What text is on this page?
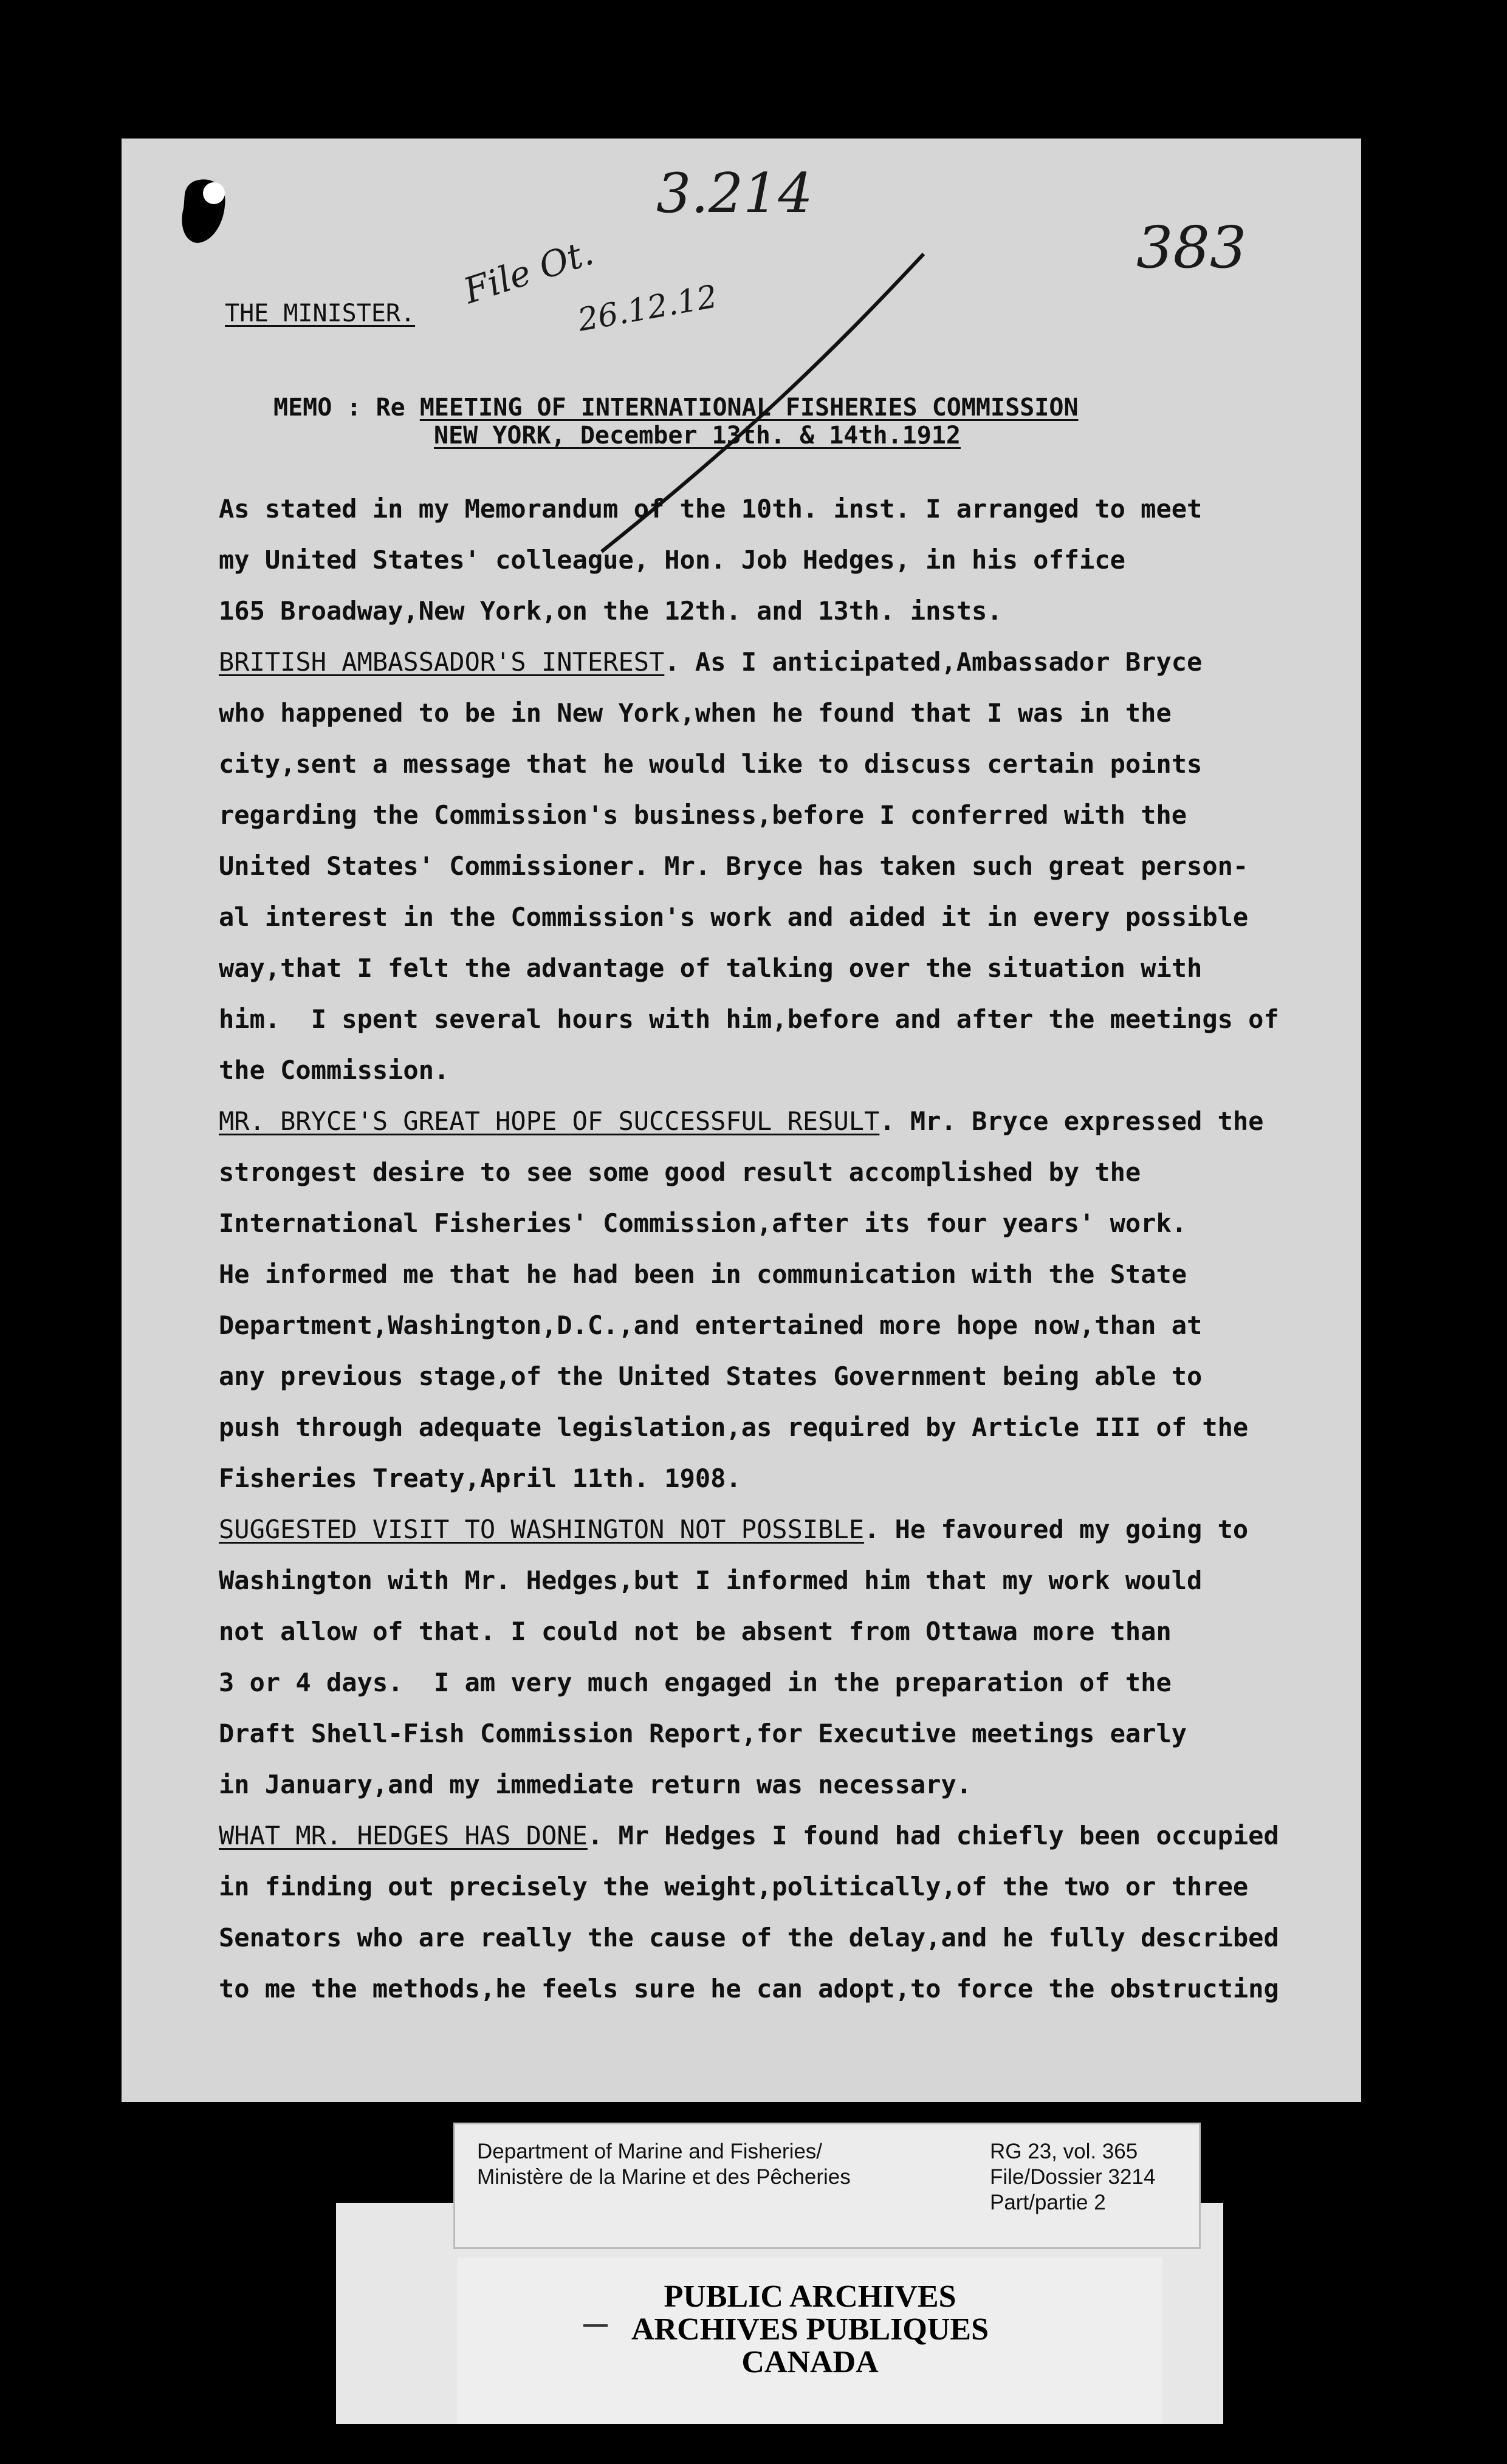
3.214
383
File Ot.
26.12.12
THE MINISTER.
MEMO : Re MEETING OF INTERNATIONAL FISHERIES COMMISSION
NEW YORK, December 13th. & 14th.1912
As stated in my Memorandum of the 10th. inst. I arranged to meet
my United States' colleague, Hon. Job Hedges, in his office
165 Broadway,New York,on the 12th. and 13th. insts.
BRITISH AMBASSADOR'S INTEREST. As I anticipated,Ambassador Bryce
who happened to be in New York,when he found that I was in the
city,sent a message that he would like to discuss certain points
regarding the Commission's business,before I conferred with the
United States' Commissioner. Mr. Bryce has taken such great person-
al interest in the Commission's work and aided it in every possible
way,that I felt the advantage of talking over the situation with
him.  I spent several hours with him,before and after the meetings of
the Commission.
MR. BRYCE'S GREAT HOPE OF SUCCESSFUL RESULT. Mr. Bryce expressed the
strongest desire to see some good result accomplished by the
International Fisheries' Commission,after its four years' work.
He informed me that he had been in communication with the State
Department,Washington,D.C.,and entertained more hope now,than at
any previous stage,of the United States Government being able to
push through adequate legislation,as required by Article III of the
Fisheries Treaty,April 11th. 1908.
SUGGESTED VISIT TO WASHINGTON NOT POSSIBLE. He favoured my going to
Washington with Mr. Hedges,but I informed him that my work would
not allow of that. I could not be absent from Ottawa more than
3 or 4 days.  I am very much engaged in the preparation of the
Draft Shell-Fish Commission Report,for Executive meetings early
in January,and my immediate return was necessary.
WHAT MR. HEDGES HAS DONE. Mr Hedges I found had chiefly been occupied
in finding out precisely the weight,politically,of the two or three
Senators who are really the cause of the delay,and he fully described
to me the methods,he feels sure he can adopt,to force the obstructing
PUBLIC ARCHIVES
ARCHIVES PUBLIQUES
CANADA
Department of Marine and Fisheries/
Ministère de la Marine et des Pêcheries
RG 23, vol. 365
File/Dossier 3214
Part/partie 2
